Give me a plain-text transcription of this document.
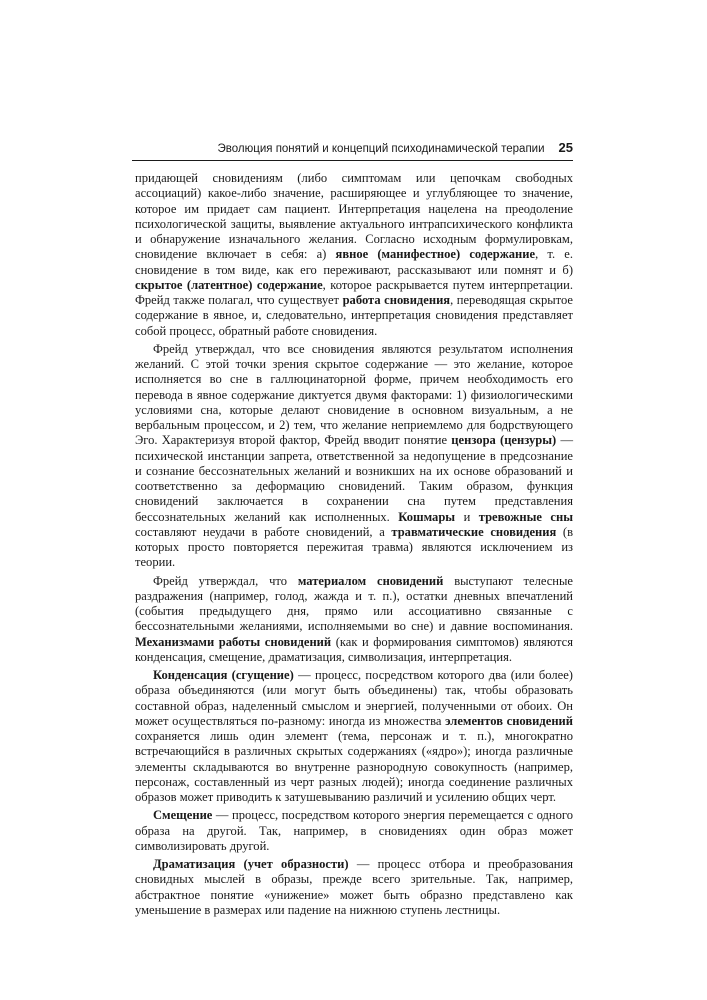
Эволюция понятий и концепций психодинамической терапии 25

придающей сновидениям (либо симптомам или цепочкам свободных ассоциаций) какое-либо значение, расширяющее и углубляющее то значение, которое им придает сам пациент. Интерпретация нацелена на преодоление психологической защиты, выявление актуального интрапсихического конфликта и обнаружение изначального желания. Согласно исходным формулировкам, сновидение включает в себя: а) явное (манифестное) содержание, т. е. сновидение в том виде, как его переживают, рассказывают или помнят и б) скрытое (латентное) содержание, которое раскрывается путем интерпретации. Фрейд также полагал, что существует работа сновидения, переводящая скрытое содержание в явное, и, следовательно, интерпретация сновидения представляет собой процесс, обратный работе сновидения.

Фрейд утверждал, что все сновидения являются результатом исполнения желаний. С этой точки зрения скрытое содержание — это желание, которое исполняется во сне в галлюцинаторной форме, причем необходимость его перевода в явное содержание диктуется двумя факторами: 1) физиологическими условиями сна, которые делают сновидение в основном визуальным, а не вербальным процессом, и 2) тем, что желание неприемлемо для бодрствующего Эго. Характеризуя второй фактор, Фрейд вводит понятие цензора (цензуры) — психической инстанции запрета, ответственной за недопущение в предсознание и сознание бессознательных желаний и возникших на их основе образований и соответственно за деформацию сновидений. Таким образом, функция сновидений заключается в сохранении сна путем представления бессознательных желаний как исполненных. Кошмары и тревожные сны составляют неудачи в работе сновидений, а травматические сновидения (в которых просто повторяется пережитая травма) являются исключением из теории.

Фрейд утверждал, что материалом сновидений выступают телесные раздражения (например, голод, жажда и т. п.), остатки дневных впечатлений (события предыдущего дня, прямо или ассоциативно связанные с бессознательными желаниями, исполняемыми во сне) и давние воспоминания. Механизмами работы сновидений (как и формирования симптомов) являются конденсация, смещение, драматизация, символизация, интерпретация.

Конденсация (сгущение) — процесс, посредством которого два (или более) образа объединяются (или могут быть объединены) так, чтобы образовать составной образ, наделенный смыслом и энергией, полученными от обоих. Он может осуществляться по-разному: иногда из множества элементов сновидений сохраняется лишь один элемент (тема, персонаж и т. п.), многократно встречающийся в различных скрытых содержаниях («ядро»); иногда различные элементы складываются во внутренне разнородную совокупность (например, персонаж, составленный из черт разных людей); иногда соединение различных образов может приводить к затушевыванию различий и усилению общих черт.

Смещение — процесс, посредством которого энергия перемещается с одного образа на другой. Так, например, в сновидениях один образ может символизировать другой.

Драматизация (учет образности) — процесс отбора и преобразования сновидных мыслей в образы, прежде всего зрительные. Так, например, абстрактное понятие «унижение» может быть образно представлено как уменьшение в размерах или падение на нижнюю ступень лестницы.
